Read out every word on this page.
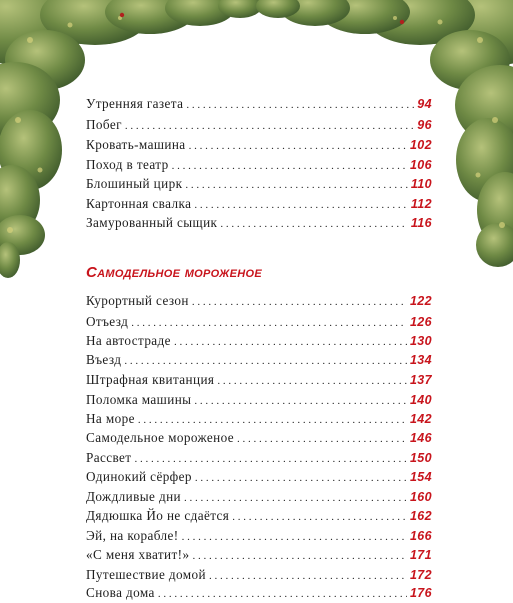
Утренняя газета . . .	94
Побег . . .	96
Кровать-машина . . .	102
Поход в театр . . .	106
Блошиный цирк . . .	110
Картонная свалка . . .	112
Замурованный сыщик . . .	116
Самодельное мороженое
Курортный сезон . . .	122
Отъезд . . .	126
На автостраде . . .	130
Въезд . . .	134
Штрафная квитанция . . .	137
Поломка машины . . .	140
На море . . .	142
Самодельное мороженое . . .	146
Рассвет . . .	150
Одинокий сёрфер . . .	154
Дождливые дни . . .	160
Дядюшка Йо не сдаётся . . .	162
Эй, на корабле! . . .	166
«С меня хватит!» . . .	171
Путешествие домой . . .	172
Снова дома . . .	176
